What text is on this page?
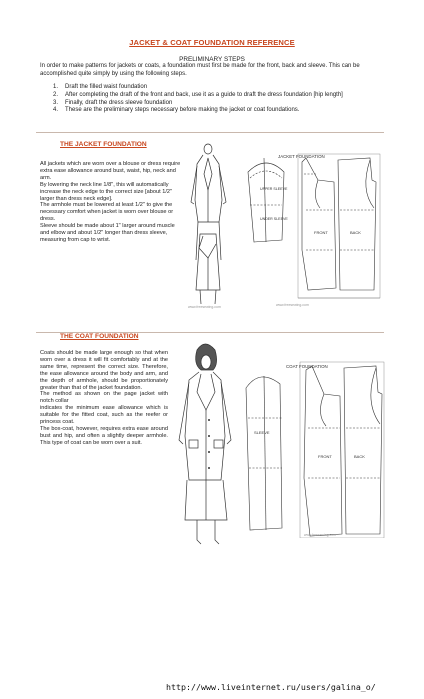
JACKET & COAT FOUNDATION REFERENCE
PRELIMINARY STEPS
In order to make patterns for jackets or coats, a foundation must first be made for the front, back and sleeve. This can be accomplished quite simply by using the following steps.
1.	Draft the filled waist foundation
2.	After completing the draft of the front and back, use it as a guide to draft the dress foundation [hip length]
3.	Finally, draft the dress sleeve foundation
4.	These are the preliminary steps necessary before making the jacket or coat foundations.
THE JACKET FOUNDATION
All jackets which are worn over a blouse or dress require extra ease allowance around bust, waist, hip, neck and arm.
By lowering the neck line 1/8", this will automatically increase the neck edge to the correct size [about 1/2" larger than dress neck edge].
The armhole must be lowered at least 1/2" to give the necessary comfort when jacket is worn over blouse or dress.
Sleeve should be made about 1" larger around muscle and elbow and about 1/2" longer than dress sleeve, measuring from cap to wrist.
www.freesewing.com
JACKET FOUNDATION
UPPER SLEEVE
UNDER SLEEVE
FRONT	BACK
www.freesewing.com
THE COAT FOUNDATION
Coats should be made large enough so that when worn over a dress it will fit comfortably and at the same time, represent the correct size. Therefore, the ease allowance around the body and arm, and the depth of armhole, should be proportionately greater than that of the jacket foundation.
The method as shown on the page jacket with notch collar
indicates the minimum ease allowance which is suitable for the fitted coat, such as the reefer or princess coat.
The box-coat, however, requires extra ease around bust and hip, and often a slightly deeper armhole. This type of coat can be worn over a suit.
COAT FOUNDATION
SLEEVE
FRONT	BACK
www.freesewing.com
http://www.liveinternet.ru/users/galina_o/
